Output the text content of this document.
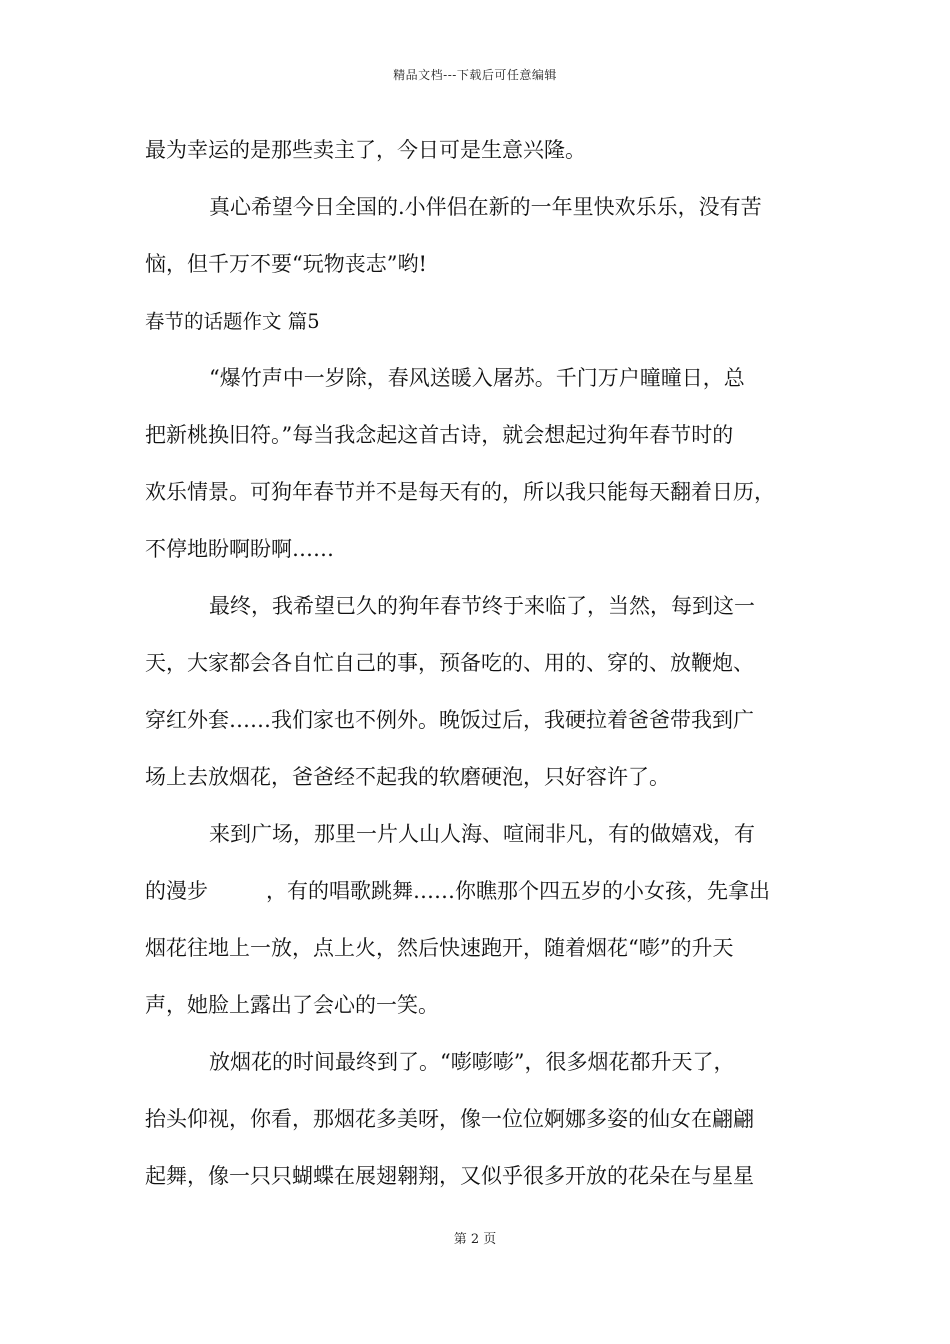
精品文档---下载后可任意编辑
最为幸运的是那些卖主了，今日可是生意兴隆。
真心希望今日全国的.小伴侣在新的一年里快欢乐乐，没有苦
恼，但千万不要“玩物丧志”哟!
春节的话题作文 篇5
“爆竹声中一岁除，春风送暖入屠苏。千门万户曈曈日，总
把新桃换旧符。”每当我念起这首古诗，就会想起过狗年春节时的
欢乐情景。可狗年春节并不是每天有的，所以我只能每天翻着日历，
不停地盼啊盼啊……
最终，我希望已久的狗年春节终于来临了，当然，每到这一
天，大家都会各自忙自己的事，预备吃的、用的、穿的、放鞭炮、
穿红外套……我们家也不例外。晚饭过后，我硬拉着爸爸带我到广
场上去放烟花，爸爸经不起我的软磨硬泡，只好容许了。
来到广场，那里一片人山人海、喧闹非凡，有的做嬉戏，有
的漫步	，有的唱歌跳舞……你瞧那个四五岁的小女孩，先拿出
烟花往地上一放，点上火，然后快速跑开，随着烟花“嘭”的升天
声，她脸上露出了会心的一笑。
放烟花的时间最终到了。“嘭嘭嘭”，很多烟花都升天了，
抬头仰视，你看，那烟花多美呀，像一位位婀娜多姿的仙女在翩翩
起舞，像一只只蝴蝶在展翅翱翔，又似乎很多开放的花朵在与星星
第 2 页
